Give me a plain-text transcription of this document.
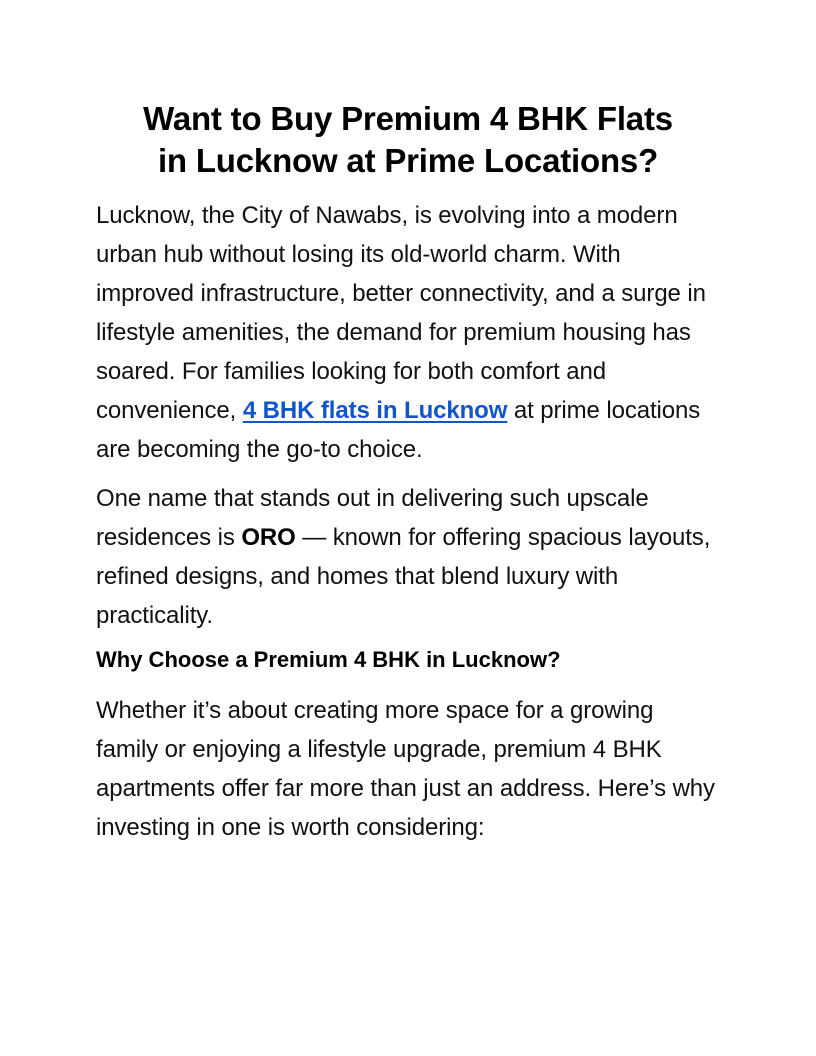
Want to Buy Premium 4 BHK Flats
in Lucknow at Prime Locations?

Lucknow, the City of Nawabs, is evolving into a modern urban hub without losing its old-world charm. With improved infrastructure, better connectivity, and a surge in lifestyle amenities, the demand for premium housing has soared. For families looking for both comfort and convenience, 4 BHK flats in Lucknow at prime locations are becoming the go-to choice.

One name that stands out in delivering such upscale residences is ORO — known for offering spacious layouts, refined designs, and homes that blend luxury with practicality.

Why Choose a Premium 4 BHK in Lucknow?

Whether it’s about creating more space for a growing family or enjoying a lifestyle upgrade, premium 4 BHK apartments offer far more than just an address. Here’s why investing in one is worth considering:
